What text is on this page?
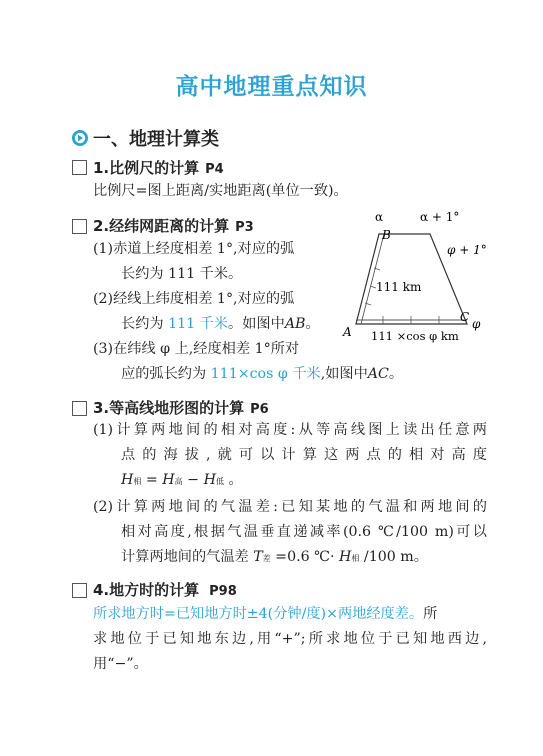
高中地理重点知识
一、地理计算类
1.比例尺的计算 P4
比例尺=图上距离/实地距离(单位一致)。
2.经纬网距离的计算 P3
(1)赤道上经度相差 1°,对应的弧
长约为 111 千米。
(2)经线上纬度相差 1°,对应的弧
长约为 111 千米。如图中AB。
(3)在纬线 φ 上,经度相差 1°所对
应的弧长约为 111×cos φ 千米,如图中AC。
α	α + 1°
B
φ + 1°
111 km
A
C φ
111 ×cos φ km
3.等高线地形图的计算 P6
(1)计算两地间的相对高度:从等高线图上读出任意两
点的海拔,就可以计算这两点的相对高度
H相 = H高 − H低 。
(2)计算两地间的气温差:已知某地的气温和两地间的
相对高度,根据气温垂直递减率(0.6 ℃/100 m)可以
计算两地间的气温差 T差 =0.6 ℃· H相 /100 m。
4.地方时的计算 P98
所求地方时=已知地方时±4(分钟/度)×两地经度差。所
求地位于已知地东边,用“+”;所求地位于已知地西边,
用“−”。
